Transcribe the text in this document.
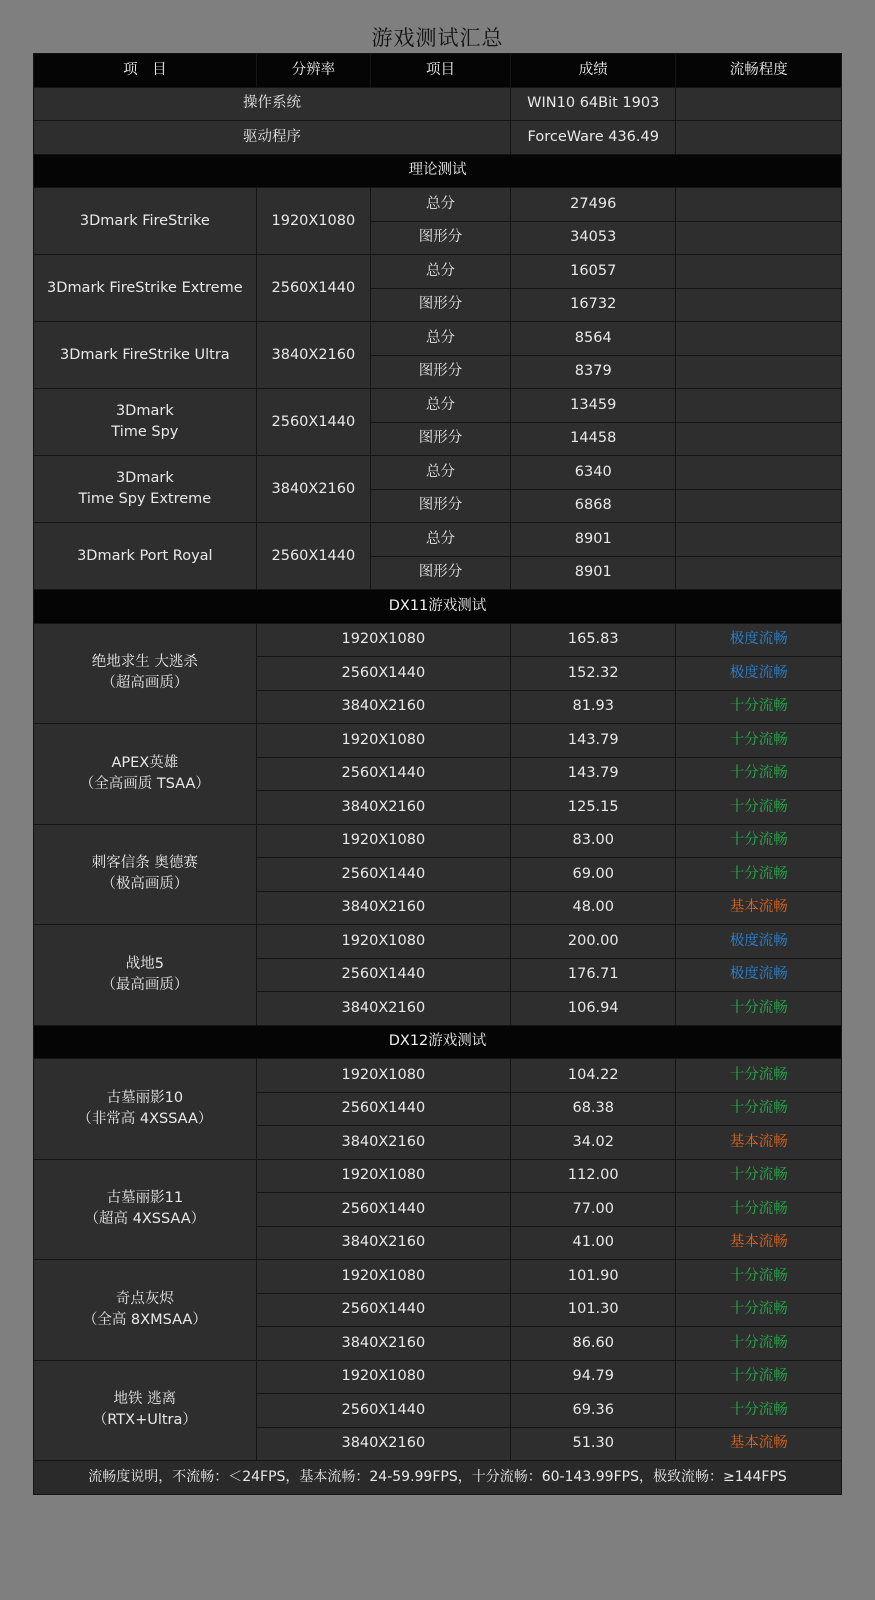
游戏测试汇总
项　目	分辨率	项目	成绩	流畅程度
操作系统			WIN10 64Bit 1903	
驱动程序			ForceWare 436.49	
理论测试				

3Dmark FireStrike	1920X1080	总分	27496	
		图形分	34053	

3Dmark FireStrike Extreme	2560X1440	总分	16057	
		图形分	16732	

3Dmark FireStrike Ultra	3840X2160	总分	8564	
		图形分	8379	

3Dmark
Time Spy	2560X1440	总分	13459	
		图形分	14458	

3Dmark
Time Spy Extreme	3840X2160	总分	6340	
		图形分	6868	

3Dmark Port Royal	2560X1440	总分	8901	
		图形分	8901	
DX11游戏测试				

绝地求生 大逃杀
（超高画质）	1920X1080		165.83	极度流畅
	2560X1440		152.32	极度流畅
	3840X2160		81.93	十分流畅

APEX英雄
（全高画质 TSAA）	1920X1080		143.79	十分流畅
	2560X1440		143.79	十分流畅
	3840X2160		125.15	十分流畅

刺客信条 奥德赛
（极高画质）	1920X1080		83.00	十分流畅
	2560X1440		69.00	十分流畅
	3840X2160		48.00	基本流畅

战地5
（最高画质）	1920X1080		200.00	极度流畅
	2560X1440		176.71	极度流畅
	3840X2160		106.94	十分流畅
DX12游戏测试				

古墓丽影10
（非常高 4XSSAA）	1920X1080		104.22	十分流畅
	2560X1440		68.38	十分流畅
	3840X2160		34.02	基本流畅

古墓丽影11
（超高 4XSSAA）	1920X1080		112.00	十分流畅
	2560X1440		77.00	十分流畅
	3840X2160		41.00	基本流畅

奇点灰烬
（全高 8XMSAA）	1920X1080		101.90	十分流畅
	2560X1440		101.30	十分流畅
	3840X2160		86.60	十分流畅

地铁 逃离
（RTX+Ultra）	1920X1080		94.79	十分流畅
	2560X1440		69.36	十分流畅
	3840X2160		51.30	基本流畅
流畅度说明，不流畅：＜24FPS，基本流畅：24-59.99FPS，十分流畅：60-143.99FPS，极致流畅：≥144FPS				
